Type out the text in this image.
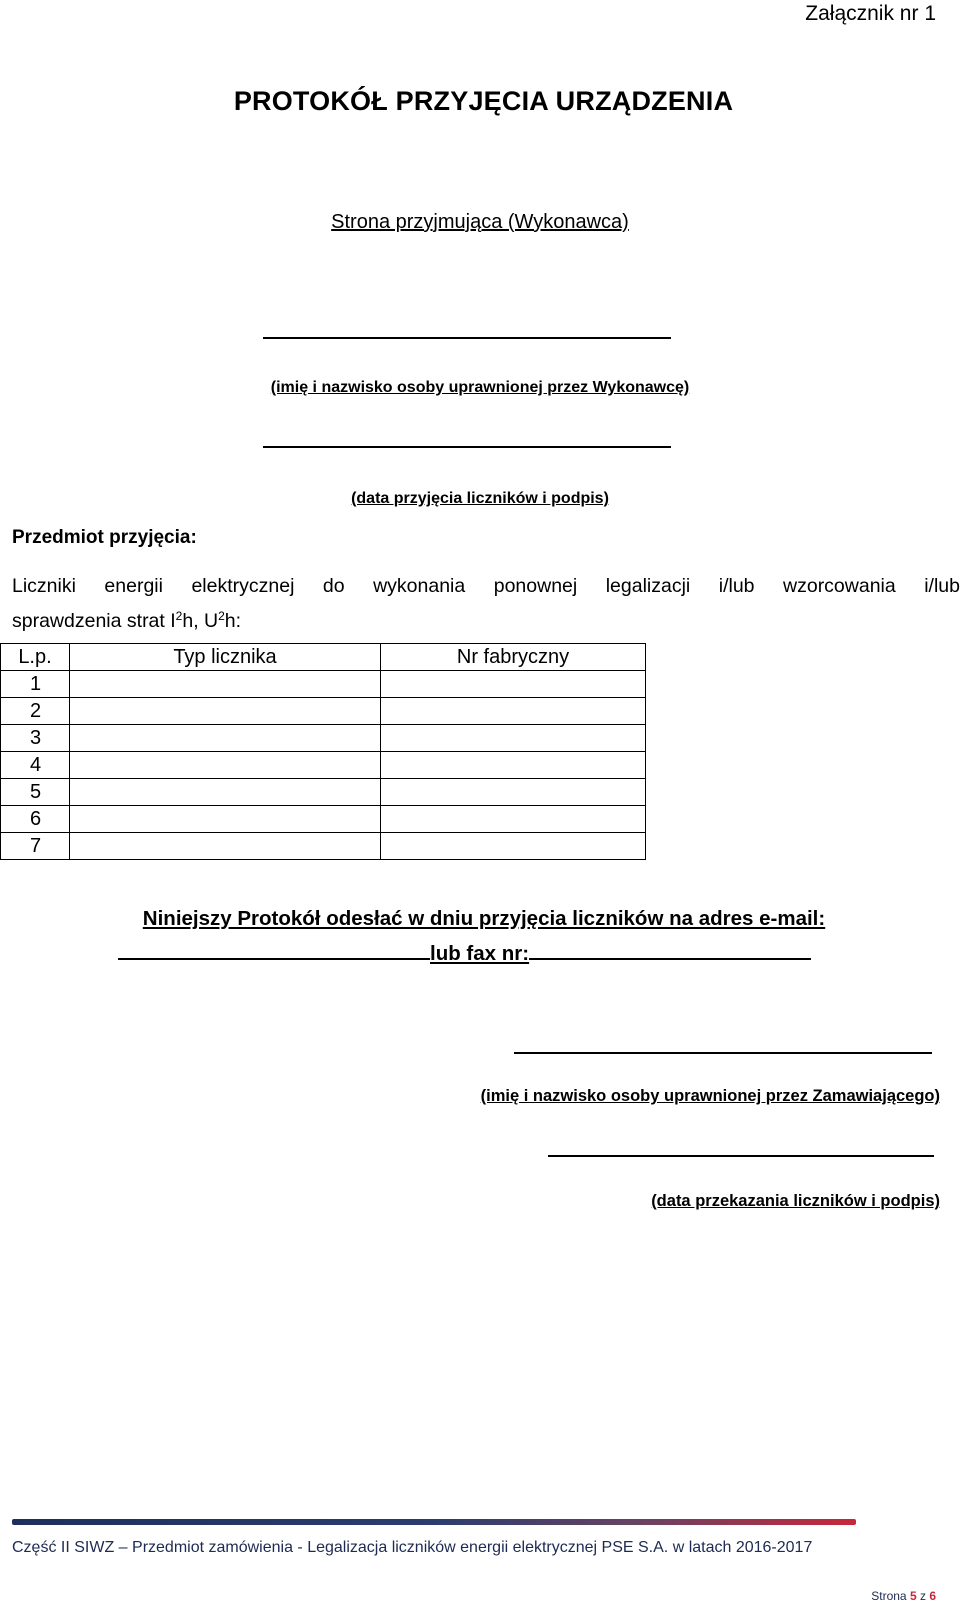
Załącznik nr 1
PROTOKÓŁ PRZYJĘCIA URZĄDZENIA
Strona przyjmująca (Wykonawca)
(imię i nazwisko osoby uprawnionej przez Wykonawcę)
(data przyjęcia liczników i podpis)
Przedmiot przyjęcia:
Liczniki energii elektrycznej do wykonania ponownej legalizacji i/lub wzorcowania i/lub
sprawdzenia strat $I^2h$, $U^2h$:
L.p.	Typ licznika	Nr fabryczny
1		
2		
3		
4		
5		
6		
7		
Niniejszy Protokół odesłać w dniu przyjęcia liczników na adres e-mail:
lub fax nr:
(imię i nazwisko osoby uprawnionej przez Zamawiającego)
(data przekazania liczników i podpis)
Część II SIWZ – Przedmiot zamówienia - Legalizacja liczników energii elektrycznej PSE S.A. w latach 2016-2017
Strona 5 z 6
